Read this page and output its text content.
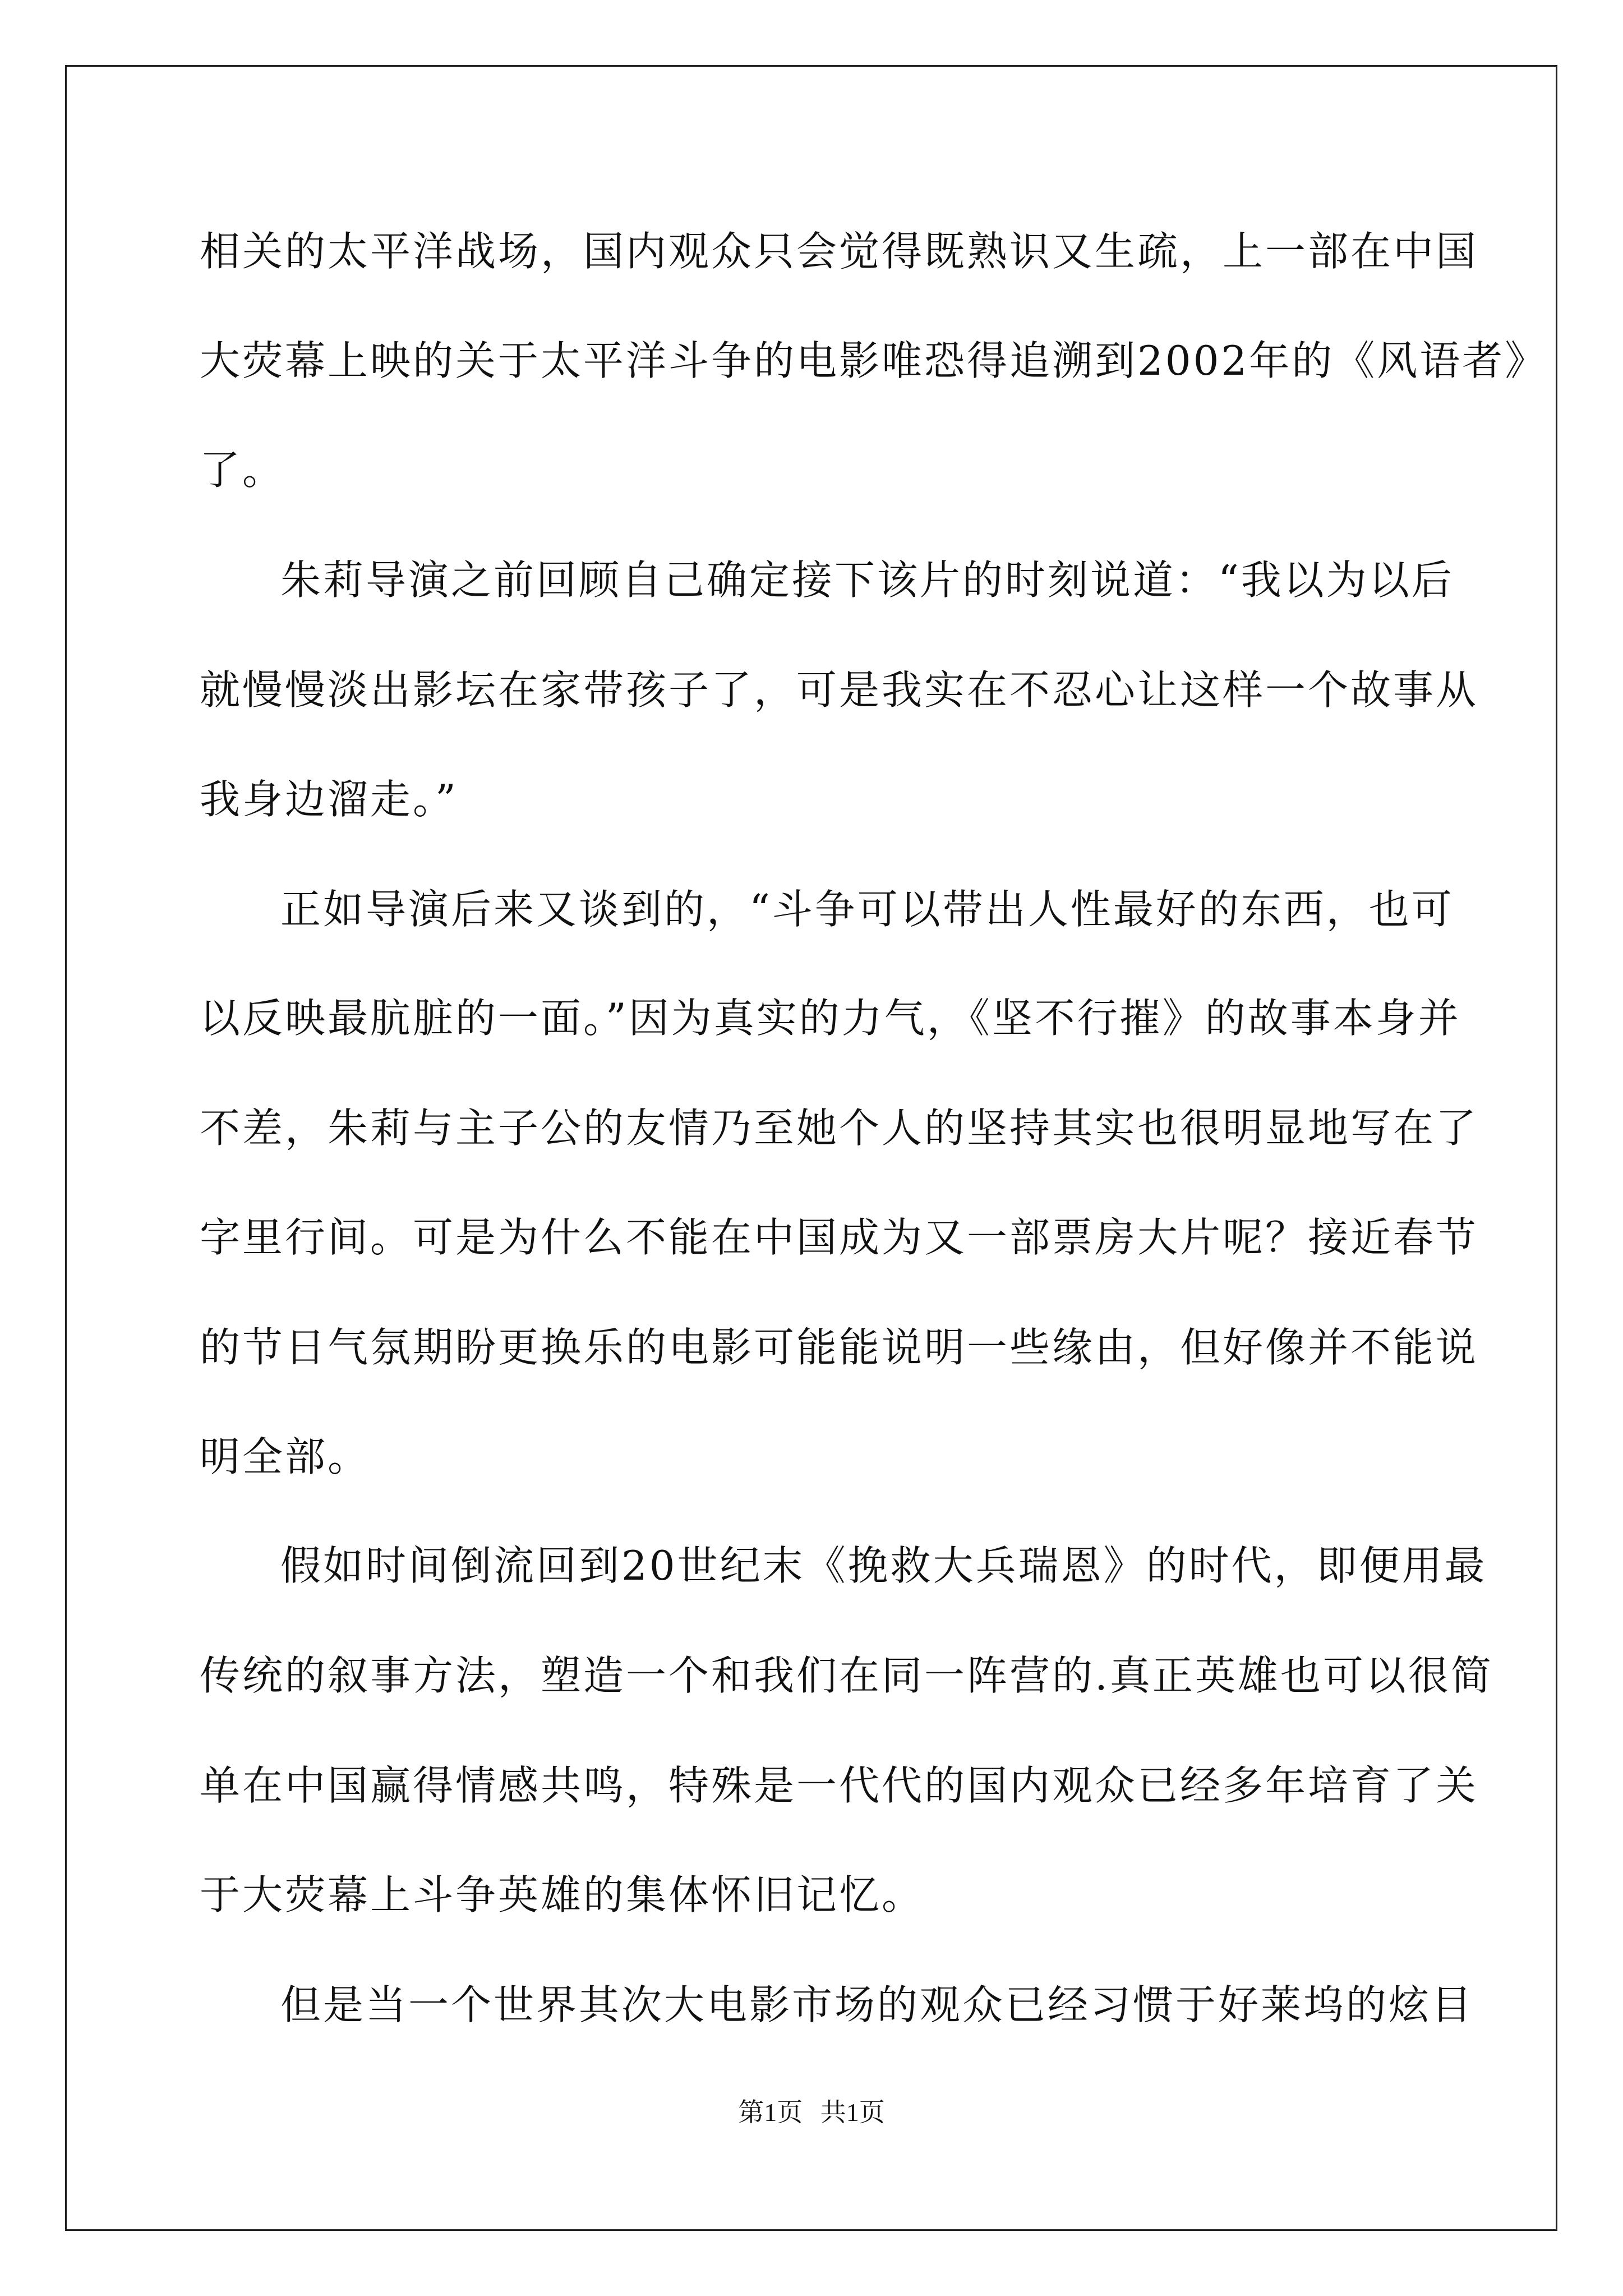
相关的太平洋战场，国内观众只会觉得既熟识又生疏，上一部在中国
大荧幕上映的关于太平洋斗争的电影唯恐得追溯到2002年的《风语者》
了。
朱莉导演之前回顾自己确定接下该片的时刻说道：“我以为以后
就慢慢淡出影坛在家带孩子了，可是我实在不忍心让这样一个故事从
我身边溜走。”
正如导演后来又谈到的，“斗争可以带出人性最好的东西，也可
以反映最肮脏的一面。”因为真实的力气，《坚不行摧》的故事本身并
不差，朱莉与主子公的友情乃至她个人的坚持其实也很明显地写在了
字里行间。可是为什么不能在中国成为又一部票房大片呢？接近春节
的节日气氛期盼更换乐的电影可能能说明一些缘由，但好像并不能说
明全部。
假如时间倒流回到20世纪末《挽救大兵瑞恩》的时代，即便用最
传统的叙事方法，塑造一个和我们在同一阵营的.真正英雄也可以很简
单在中国赢得情感共鸣，特殊是一代代的国内观众已经多年培育了关
于大荧幕上斗争英雄的集体怀旧记忆。
但是当一个世界其次大电影市场的观众已经习惯于好莱坞的炫目
第1页 共1页
